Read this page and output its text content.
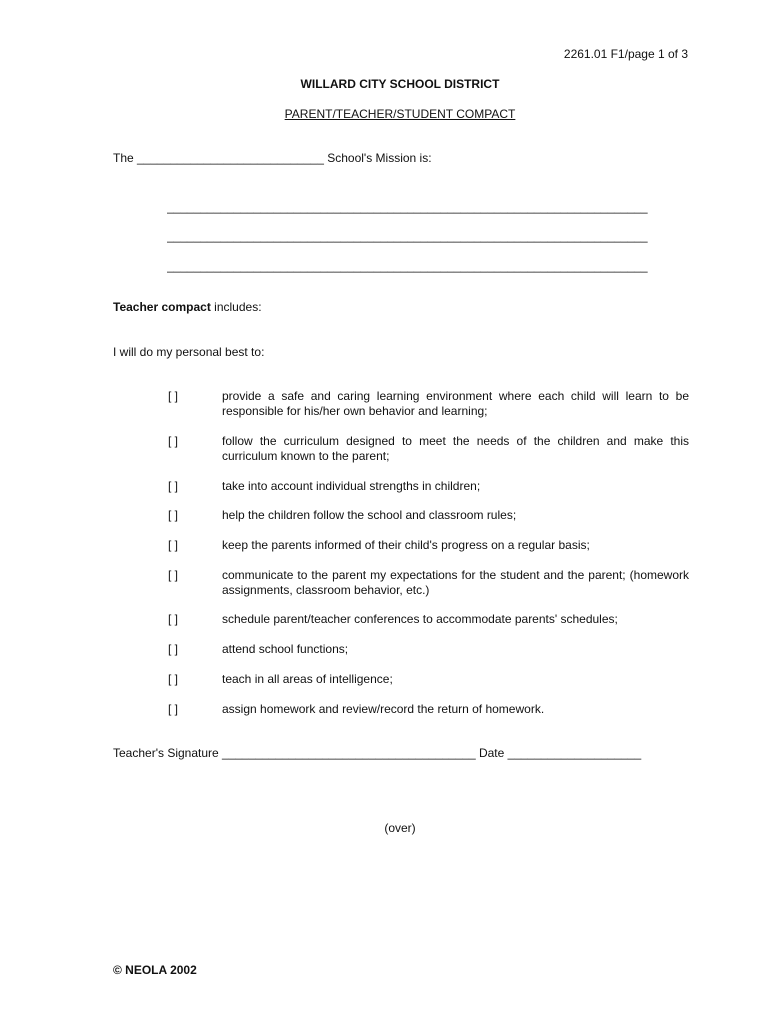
2261.01 F1/page 1 of 3
WILLARD CITY SCHOOL DISTRICT
PARENT/TEACHER/STUDENT COMPACT
The ____________________________ School's Mission is:
________________________________________________________________________
________________________________________________________________________
________________________________________________________________________
Teacher compact includes:
I will do my personal best to:
[ ]	provide a safe and caring learning environment where each child will learn to be responsible for his/her own behavior and learning;
[ ]	follow the curriculum designed to meet the needs of the children and make this curriculum known to the parent;
[ ]	take into account individual strengths in children;
[ ]	help the children follow the school and classroom rules;
[ ]	keep the parents informed of their child's progress on a regular basis;
[ ]	communicate to the parent my expectations for the student and the parent; (homework assignments, classroom behavior, etc.)
[ ]	schedule parent/teacher conferences to accommodate parents' schedules;
[ ]	attend school functions;
[ ]	teach in all areas of intelligence;
[ ]	assign homework and review/record the return of homework.
Teacher's Signature ______________________________________ Date ____________________
(over)
© NEOLA 2002
